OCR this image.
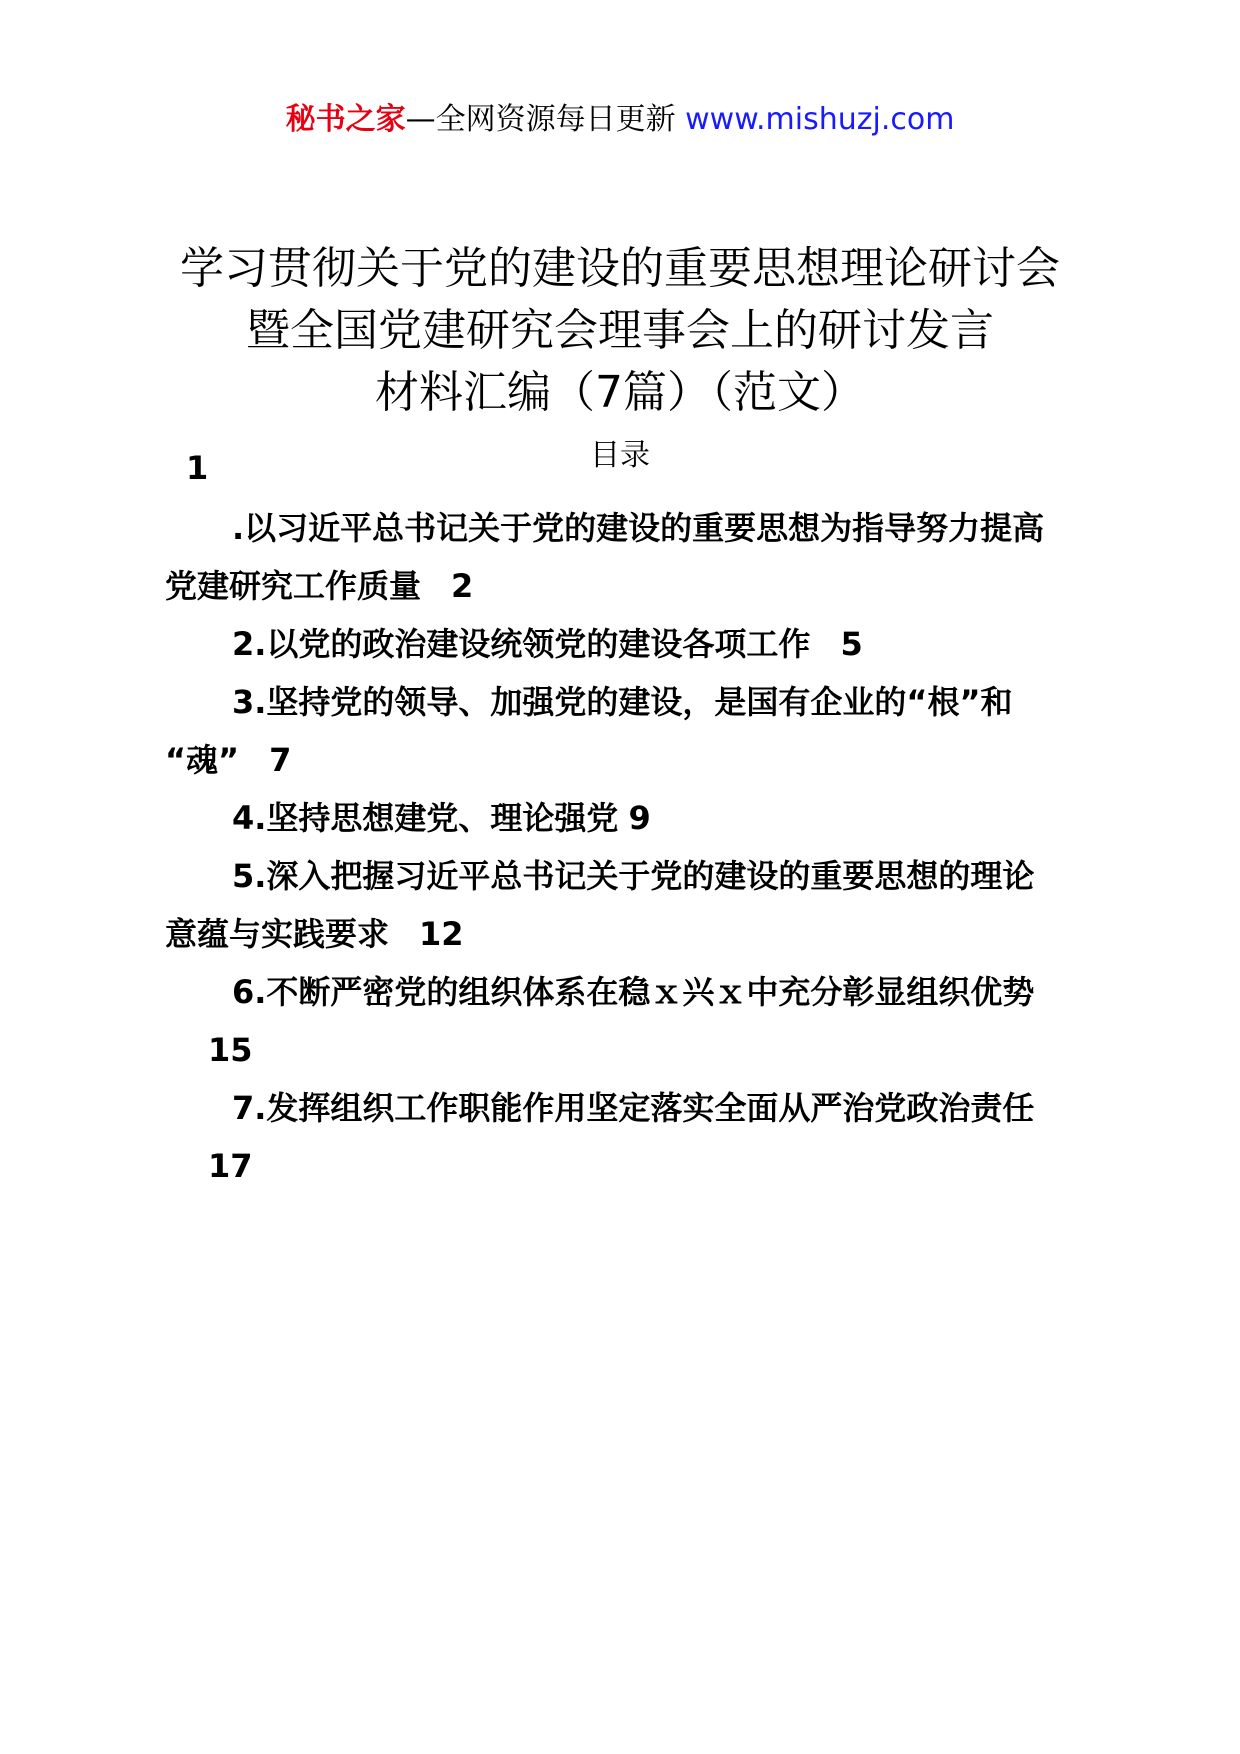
秘书之家—全网资源每日更新 www.mishuzj.com
学习贯彻关于党的建设的重要思想理论研讨会
暨全国党建研究会理事会上的研讨发言
材料汇编（7篇）（范文）
目录
1
.以习近平总书记关于党的建设的重要思想为指导努力提高
党建研究工作质量 2
2.以党的政治建设统领党的建设各项工作 5
3.坚持党的领导、加强党的建设，是国有企业的“根”和
“魂” 7
4.坚持思想建党、理论强党 9
5.深入把握习近平总书记关于党的建设的重要思想的理论
意蕴与实践要求 12
6.不断严密党的组织体系在稳ｘ兴ｘ中充分彰显组织优势
15
7.发挥组织工作职能作用坚定落实全面从严治党政治责任
17
